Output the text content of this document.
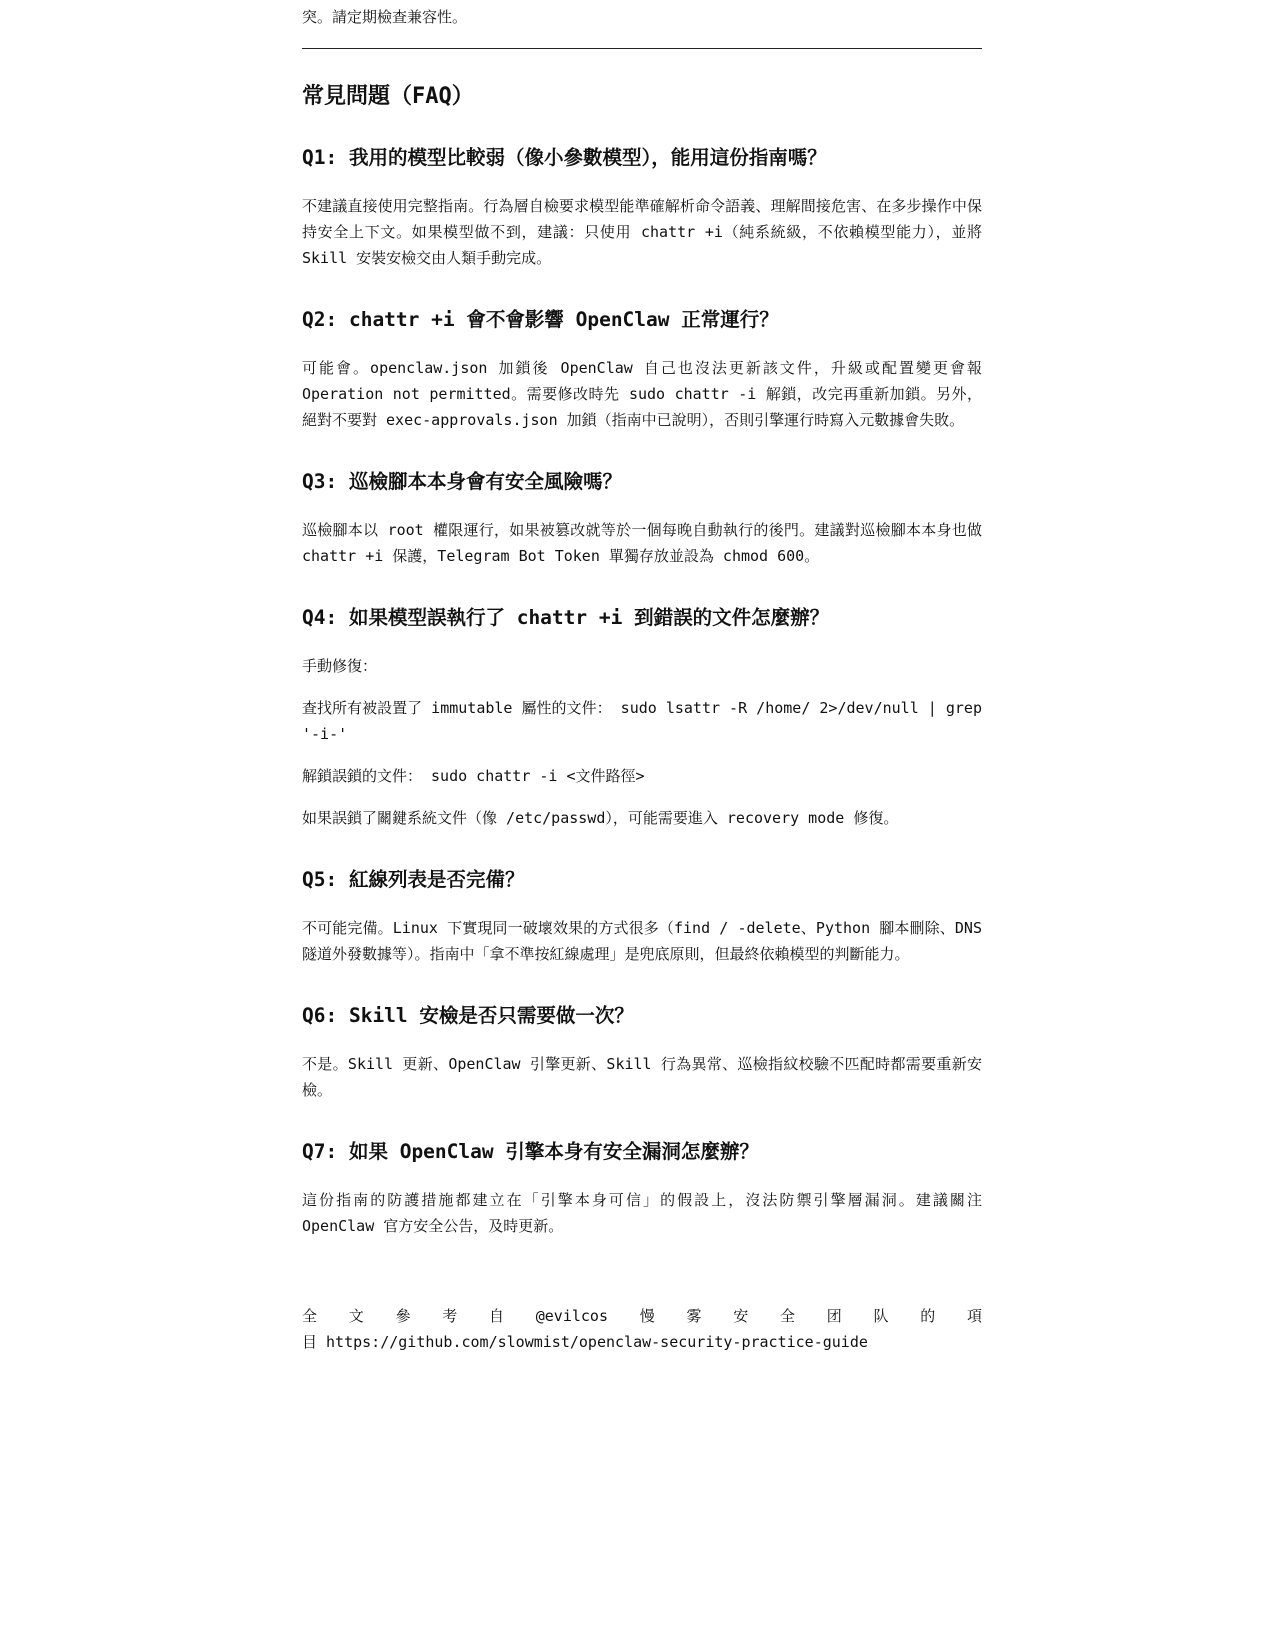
突。請定期檢查兼容性。

常見問題（FAQ）
Q1: 我用的模型比較弱（像小參數模型），能用這份指南嗎？

不建議直接使用完整指南。行為層自檢要求模型能準確解析命令語義、理解間接危害、在多步操作中保持安全上下文。如果模型做不到，建議：只使用 chattr +i（純系統級，不依賴模型能力），並將 Skill 安裝安檢交由人類手動完成。

Q2: chattr +i 會不會影響 OpenClaw 正常運行？

可能會。openclaw.json 加鎖後 OpenClaw 自己也沒法更新該文件，升級或配置變更會報 Operation not permitted。需要修改時先 sudo chattr -i 解鎖，改完再重新加鎖。另外，絕對不要對 exec-approvals.json 加鎖（指南中已說明），否則引擎運行時寫入元數據會失敗。

Q3: 巡檢腳本本身會有安全風險嗎？

巡檢腳本以 root 權限運行，如果被篡改就等於一個每晚自動執行的後門。建議對巡檢腳本本身也做 chattr +i 保護，Telegram Bot Token 單獨存放並設為 chmod 600。

Q4: 如果模型誤執行了 chattr +i 到錯誤的文件怎麼辦？

手動修復：

查找所有被設置了 immutable 屬性的文件： sudo lsattr -R /home/ 2>/dev/null | grep '-i-'

解鎖誤鎖的文件： sudo chattr -i <文件路徑>

如果誤鎖了關鍵系統文件（像 /etc/passwd），可能需要進入 recovery mode 修復。

Q5: 紅線列表是否完備？

不可能完備。Linux 下實現同一破壞效果的方式很多（find / -delete、Python 腳本刪除、DNS 隧道外發數據等）。指南中「拿不準按紅線處理」是兜底原則，但最終依賴模型的判斷能力。

Q6: Skill 安檢是否只需要做一次？

不是。Skill 更新、OpenClaw 引擎更新、Skill 行為異常、巡檢指紋校驗不匹配時都需要重新安檢。

Q7: 如果 OpenClaw 引擎本身有安全漏洞怎麼辦？

這份指南的防護措施都建立在「引擎本身可信」的假設上，沒法防禦引擎層漏洞。建議關注 OpenClaw 官方安全公告，及時更新。

全 文 參 考 自 @evilcos 慢 雾 安 全 团 队 的 項
目 https://github.com/slowmist/openclaw-security-practice-guide
